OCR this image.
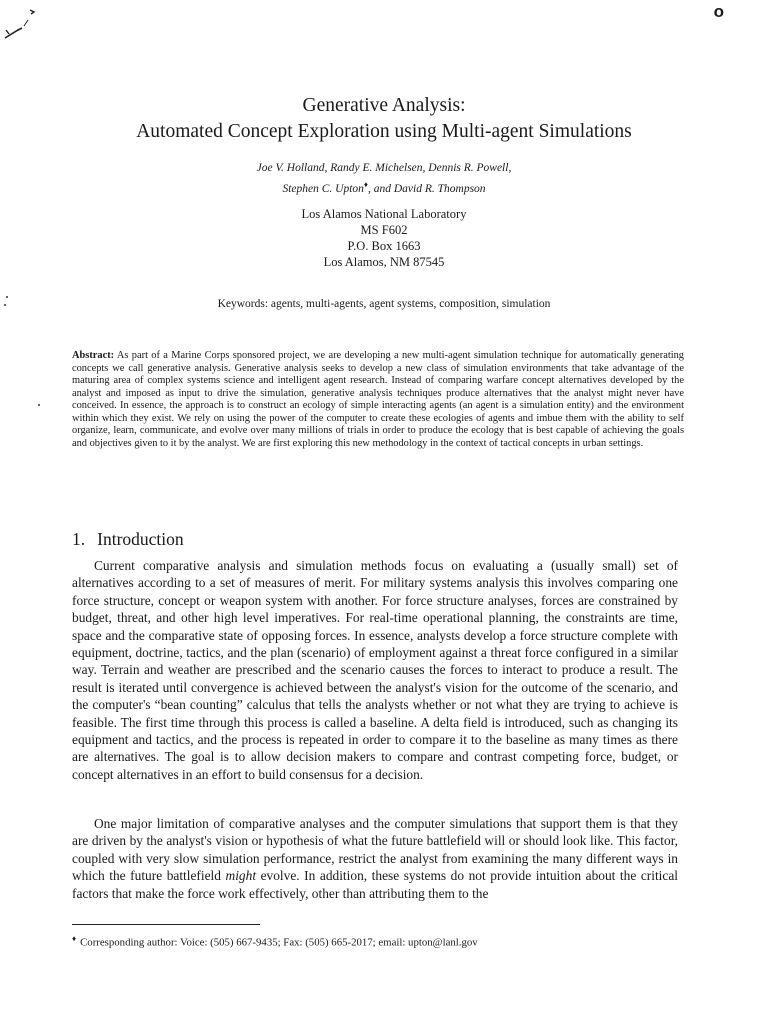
o
Generative Analysis:
Automated Concept Exploration using Multi-agent Simulations
Joe V. Holland, Randy E. Michelsen, Dennis R. Powell,
Stephen C. Upton♦, and David R. Thompson
Los Alamos National Laboratory
MS F602
P.O. Box 1663
Los Alamos, NM 87545
Keywords: agents, multi-agents, agent systems, composition, simulation
Abstract: As part of a Marine Corps sponsored project, we are developing a new multi-agent simulation technique for automatically generating concepts we call generative analysis. Generative analysis seeks to develop a new class of simulation environments that take advantage of the maturing area of complex systems science and intelligent agent research. Instead of comparing warfare concept alternatives developed by the analyst and imposed as input to drive the simulation, generative analysis techniques produce alternatives that the analyst might never have conceived. In essence, the approach is to construct an ecology of simple interacting agents (an agent is a simulation entity) and the environment within which they exist. We rely on using the power of the computer to create these ecologies of agents and imbue them with the ability to self organize, learn, communicate, and evolve over many millions of trials in order to produce the ecology that is best capable of achieving the goals and objectives given to it by the analyst. We are first exploring this new methodology in the context of tactical concepts in urban settings.
1. Introduction
Current comparative analysis and simulation methods focus on evaluating a (usually small) set of alternatives according to a set of measures of merit. For military systems analysis this involves comparing one force structure, concept or weapon system with another. For force structure analyses, forces are constrained by budget, threat, and other high level imperatives. For real-time operational planning, the constraints are time, space and the comparative state of opposing forces. In essence, analysts develop a force structure complete with equipment, doctrine, tactics, and the plan (scenario) of employment against a threat force configured in a similar way. Terrain and weather are prescribed and the scenario causes the forces to interact to produce a result. The result is iterated until convergence is achieved between the analyst's vision for the outcome of the scenario, and the computer's “bean counting” calculus that tells the analysts whether or not what they are trying to achieve is feasible. The first time through this process is called a baseline. A delta field is introduced, such as changing its equipment and tactics, and the process is repeated in order to compare it to the baseline as many times as there are alternatives. The goal is to allow decision makers to compare and contrast competing force, budget, or concept alternatives in an effort to build consensus for a decision.
One major limitation of comparative analyses and the computer simulations that support them is that they are driven by the analyst's vision or hypothesis of what the future battlefield will or should look like. This factor, coupled with very slow simulation performance, restrict the analyst from examining the many different ways in which the future battlefield might evolve. In addition, these systems do not provide intuition about the critical factors that make the force work effectively, other than attributing them to the
♦ Corresponding author: Voice: (505) 667-9435; Fax: (505) 665-2017; email: upton@lanl.gov
